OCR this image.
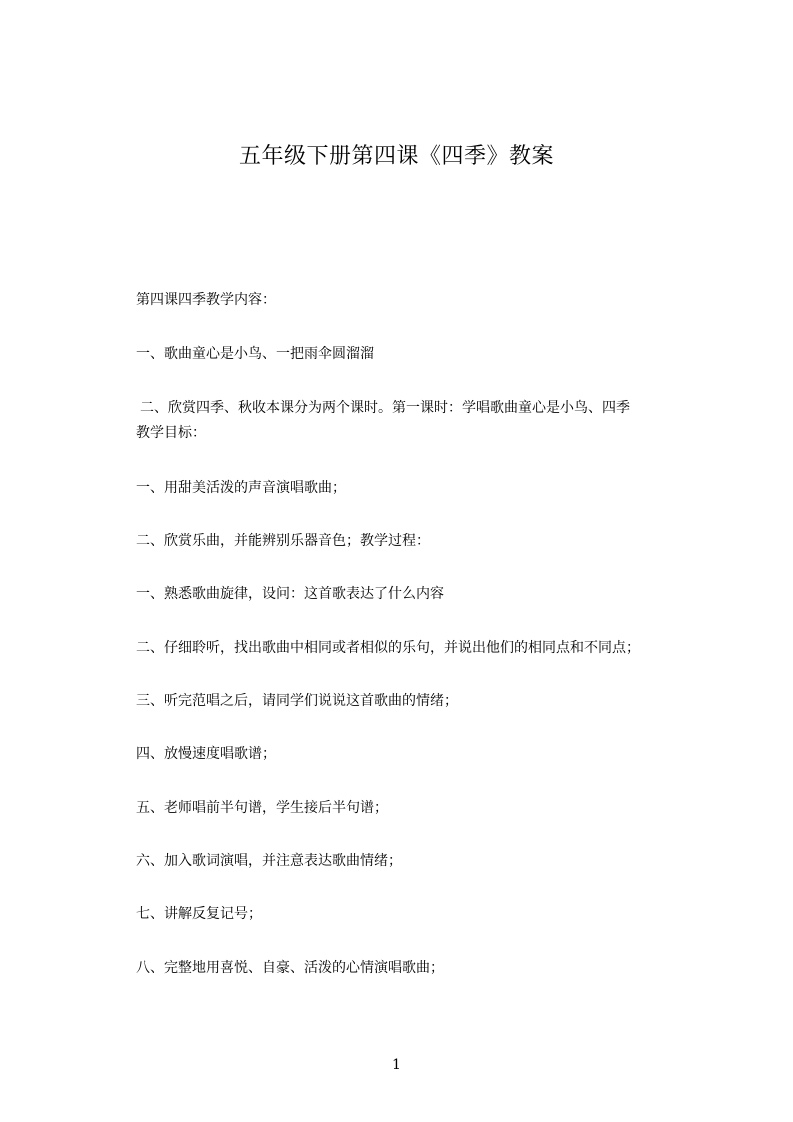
五年级下册第四课《四季》教案

第四课四季教学内容：

一、歌曲童心是小鸟、一把雨伞圆溜溜

二、欣赏四季、秋收本课分为两个课时。第一课时：学唱歌曲童心是小鸟、四季

教学目标：

一、用甜美活泼的声音演唱歌曲；

二、欣赏乐曲，并能辨别乐器音色；教学过程：

一、熟悉歌曲旋律，设问：这首歌表达了什么内容

二、仔细聆听，找出歌曲中相同或者相似的乐句，并说出他们的相同点和不同点；

三、听完范唱之后，请同学们说说这首歌曲的情绪；

四、放慢速度唱歌谱；

五、老师唱前半句谱，学生接后半句谱；

六、加入歌词演唱，并注意表达歌曲情绪；

七、讲解反复记号；

八、完整地用喜悦、自豪、活泼的心情演唱歌曲；

1
